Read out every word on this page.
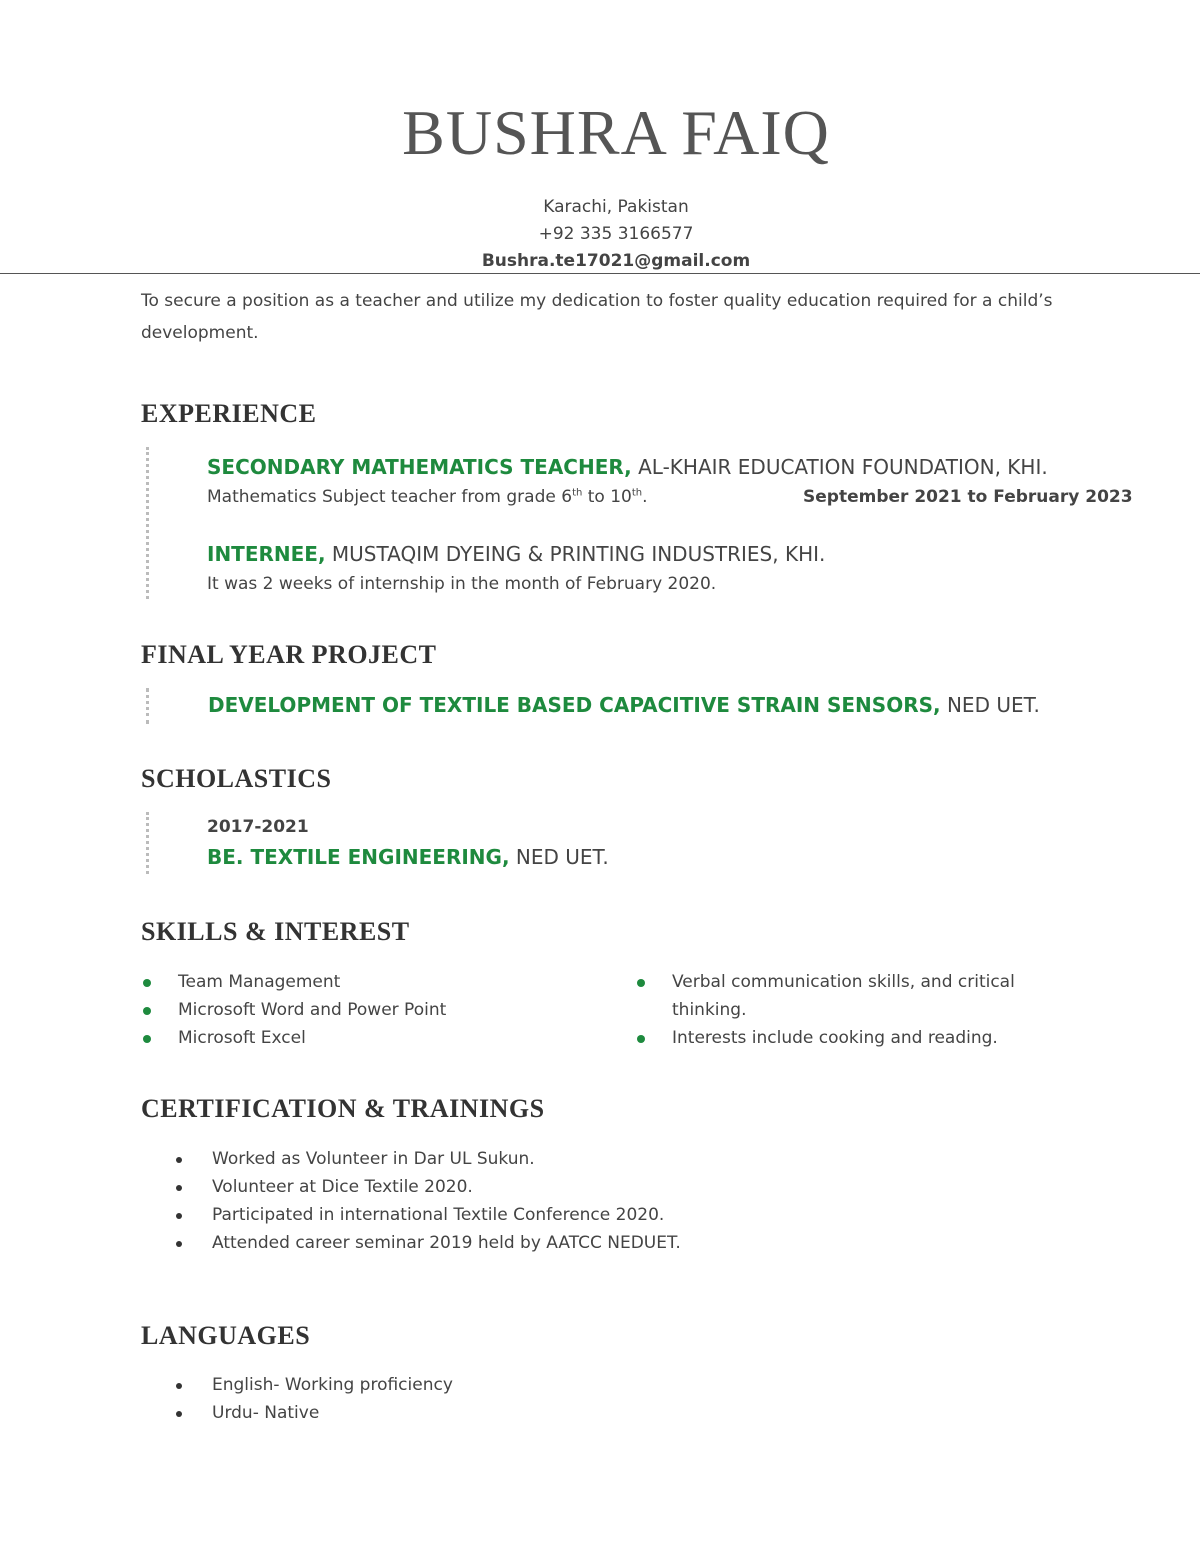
BUSHRA FAIQ
Karachi, Pakistan
+92 335 3166577
Bushra.te17021@gmail.com
To secure a position as a teacher and utilize my dedication to foster quality education required for a child’s development.
EXPERIENCE
SECONDARY MATHEMATICS TEACHER, AL-KHAIR EDUCATION FOUNDATION, KHI.
Mathematics Subject teacher from grade 6th to 10th.	September 2021 to February 2023
INTERNEE, MUSTAQIM DYEING & PRINTING INDUSTRIES, KHI.
It was 2 weeks of internship in the month of February 2020.
FINAL YEAR PROJECT
DEVELOPMENT OF TEXTILE BASED CAPACITIVE STRAIN SENSORS, NED UET.
SCHOLASTICS
2017-2021
BE. TEXTILE ENGINEERING, NED UET.
SKILLS & INTEREST
Team Management
Microsoft Word and Power Point
Microsoft Excel
Verbal communication skills, and critical thinking.
Interests include cooking and reading.
CERTIFICATION & TRAININGS
Worked as Volunteer in Dar UL Sukun.
Volunteer at Dice Textile 2020.
Participated in international Textile Conference 2020.
Attended career seminar 2019 held by AATCC NEDUET.
LANGUAGES
English- Working proficiency
Urdu- Native
